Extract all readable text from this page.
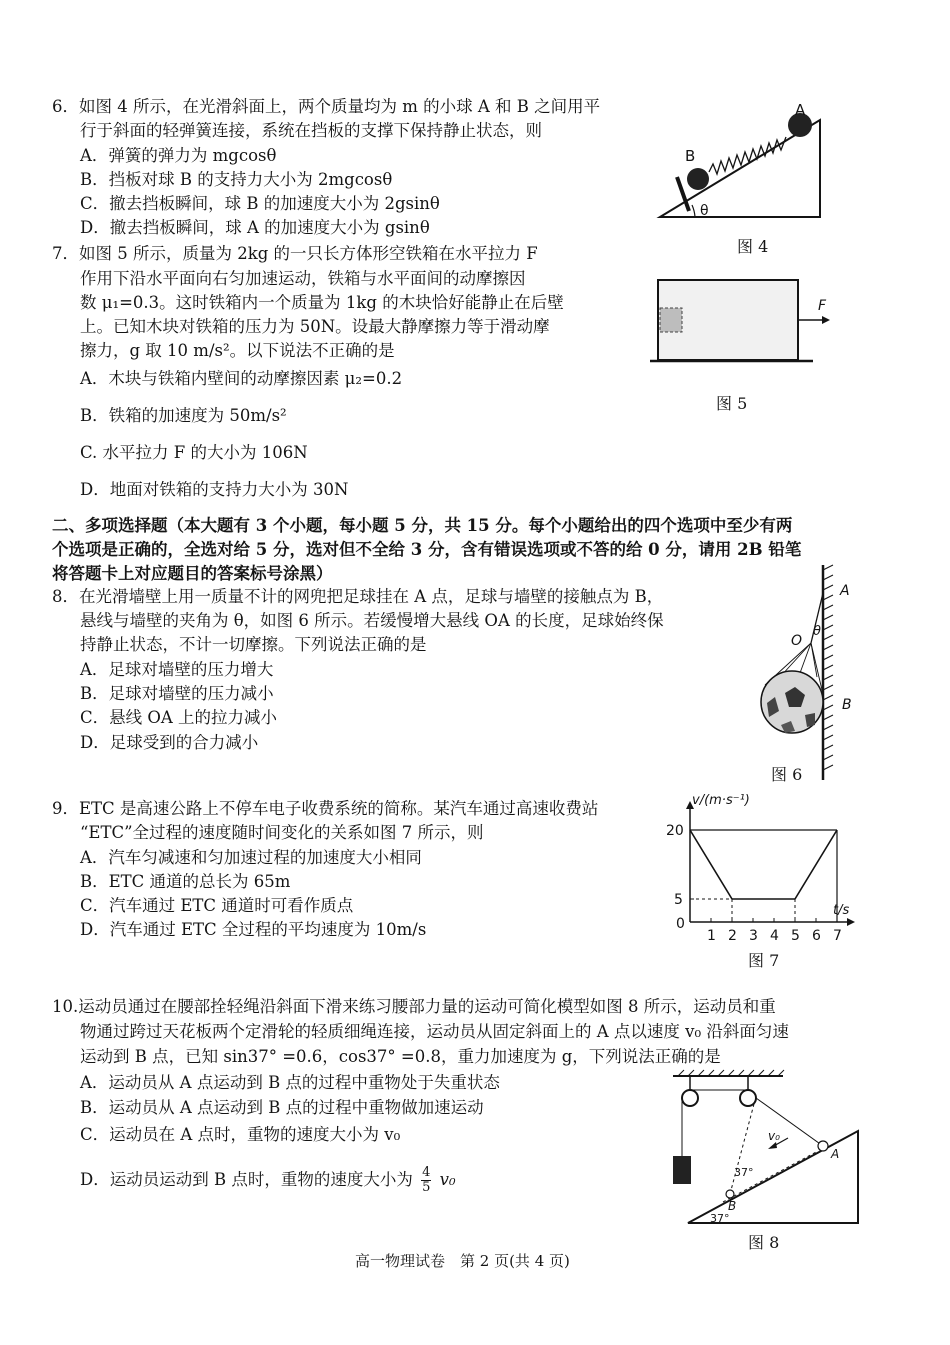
6．如图 4 所示，在光滑斜面上，两个质量均为 m 的小球 A 和 B 之间用平
行于斜面的轻弹簧连接，系统在挡板的支撑下保持静止状态，则
A．弹簧的弹力为 mgcosθ
B．挡板对球 B 的支持力大小为 2mgcosθ
C．撤去挡板瞬间，球 B 的加速度大小为 2gsinθ
D．撤去挡板瞬间，球 A 的加速度大小为 gsinθ
A
B
θ
图 4
7．如图 5 所示，质量为 2kg 的一只长方体形空铁箱在水平拉力 F
作用下沿水平面向右匀加速运动，铁箱与水平面间的动摩擦因
数 μ₁=0.3。这时铁箱内一个质量为 1kg 的木块恰好能静止在后壁
上。已知木块对铁箱的压力为 50N。设最大静摩擦力等于滑动摩
擦力，g 取 10 m/s²。以下说法不正确的是
A．木块与铁箱内壁间的动摩擦因素 μ₂=0.2
B．铁箱的加速度为 50m/s²
C. 水平拉力 F 的大小为 106N
D．地面对铁箱的支持力大小为 30N
F
图 5
二、多项选择题（本大题有 3 个小题，每小题 5 分，共 15 分。每个小题给出的四个选项中至少有两
个选项是正确的，全选对给 5 分，选对但不全给 3 分，含有错误选项或不答的给 0 分，请用 2B 铅笔
将答题卡上对应题目的答案标号涂黑）
8．在光滑墙壁上用一质量不计的网兜把足球挂在 A 点，足球与墙壁的接触点为 B，
悬线与墙壁的夹角为 θ，如图 6 所示。若缓慢增大悬线 OA 的长度，足球始终保
持静止状态，不计一切摩擦。下列说法正确的是
A．足球对墙壁的压力增大
B．足球对墙壁的压力减小
C．悬线 OA 上的拉力减小
D．足球受到的合力减小
A
O
θ
B
图 6
9．ETC 是高速公路上不停车电子收费系统的简称。某汽车通过高速收费站
“ETC”全过程的速度随时间变化的关系如图 7 所示，则
A．汽车匀减速和匀加速过程的加速度大小相同
B．ETC 通道的总长为 65m
C．汽车通过 ETC 通道时可看作质点
D．汽车通过 ETC 全过程的平均速度为 10m/s	1 2 3 4 5 6 7
5
20
0
v/(m·s⁻¹)
t/s
图 7
10.运动员通过在腰部拴轻绳沿斜面下滑来练习腰部力量的运动可简化模型如图 8 所示，运动员和重
物通过跨过天花板两个定滑轮的轻质细绳连接，运动员从固定斜面上的 A 点以速度 v₀ 沿斜面匀速
运动到 B 点，已知 sin37° =0.6，cos37° =0.8，重力加速度为 g，下列说法正确的是
A．运动员从 A 点运动到 B 点的过程中重物处于失重状态
B．运动员从 A 点运动到 B 点的过程中重物做加速运动
C．运动员在 A 点时，重物的速度大小为 v₀
D．运动员运动到 B 点时，重物的速度大小为 $\frac{4}{5} v_0$
v₀
A
B
37°
37°
图 8
高一物理试卷　第 2 页(共 4 页)
